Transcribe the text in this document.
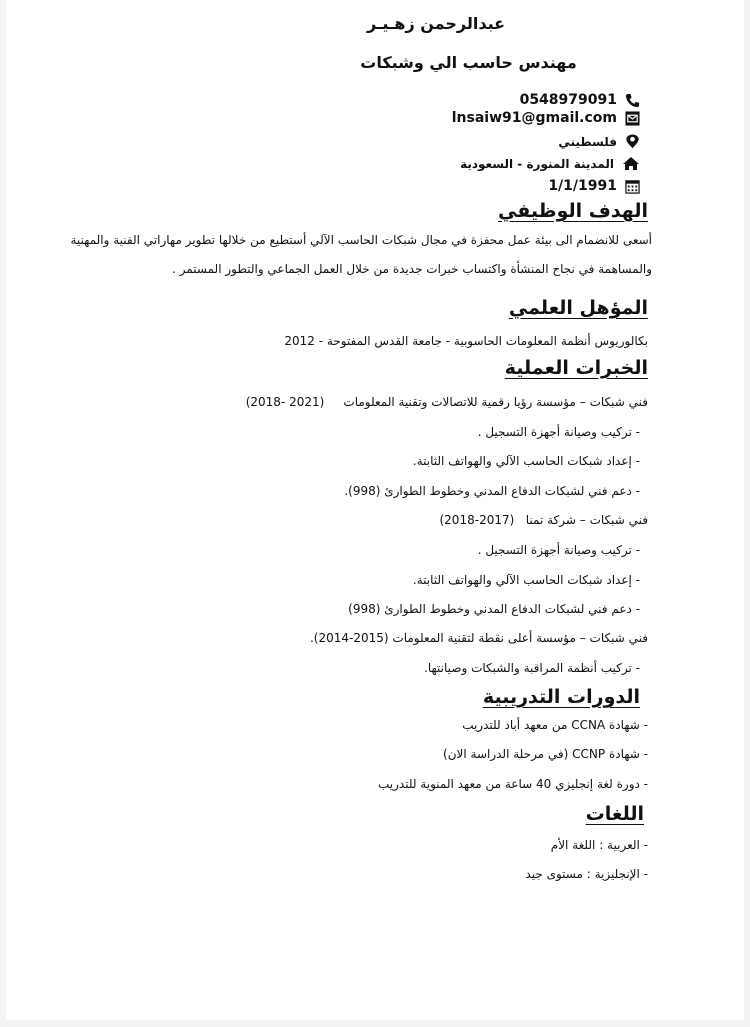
عبدالرحمن زهـيـر
مهندس حاسب الي وشبكات
0548979091
lnsaiw91@gmail.com
فلسطيني
المدينة المنورة - السعودية
1/1/1991
الهدف الوظيفي
أسعى للانضمام الى بيئة عمل محفزة في مجال شبكات الحاسب الآلي أستطيع من خلالها تطوير مهاراتي الفنية والمهنية
والمساهمة في نجاح المنشأة واكتساب خبرات جديدة من خلال العمل الجماعي والتطور المستمر .
المؤهل العلمي
بكالوريوس أنظمة المعلومات الحاسوبية - جامعة القدس المفتوحة - 2012
الخبرات العملية
فني شبكات – مؤسسة رؤيا رقمية للاتصالات وتقنية المعلومات     (2021 -2018)
- تركيب وصيانة أجهزة التسجيل .
- إعداد شبكات الحاسب الآلي والهواتف الثابتة.
- دعم فني لشبكات الدفاع المدني وخطوط الطوارئ (998).
فني شبكات – شركة تمنا   (2017-2018)
- تركيب وصيانة أجهزة التسجيل .
- إعداد شبكات الحاسب الآلي والهواتف الثابتة.
- دعم فني لشبكات الدفاع المدني وخطوط الطوارئ (998)
فني شبكات – مؤسسة أعلى نقطة لتقنية المعلومات (2015-2014).
- تركيب أنظمة المراقبة والشبكات وصيانتها.
الدورات التدريبية
- شهادة CCNA من معهد أباد للتدريب
- شهادة CCNP (في مرحلة الدراسة الان)
- دورة لغة إنجليزي 40 ساعة من معهد المنوية للتدريب
اللغات
- العربية : اللغة الأم
- الإنجليزية : مستوى جيد
